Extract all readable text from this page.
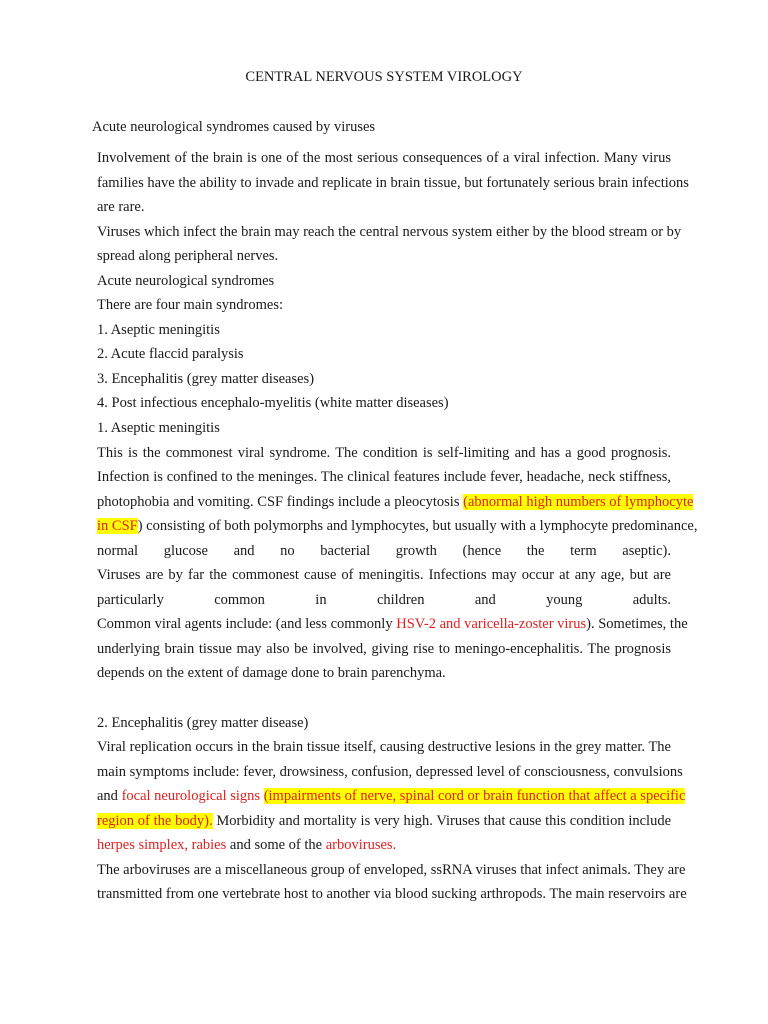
CENTRAL NERVOUS SYSTEM VIROLOGY

Acute neurological syndromes caused by viruses

Involvement of the brain is one of the most serious consequences of a viral infection. Many virus
families have the ability to invade and replicate in brain tissue, but fortunately serious brain infections
are rare.
Viruses which infect the brain may reach the central nervous system either by the blood stream or by
spread along peripheral nerves.
Acute neurological syndromes
There are four main syndromes:
1. Aseptic meningitis
2. Acute flaccid paralysis
3. Encephalitis (grey matter diseases)
4. Post infectious encephalo-myelitis (white matter diseases)
1. Aseptic meningitis
This is the commonest viral syndrome. The condition is self-limiting and has a good prognosis.
Infection is confined to the meninges. The clinical features include fever, headache, neck stiffness,
photophobia and vomiting. CSF findings include a pleocytosis (abnormal high numbers of lymphocyte
in CSF) consisting of both polymorphs and lymphocytes, but usually with a lymphocyte predominance,
normal glucose and no bacterial growth (hence the term aseptic).
Viruses are by far the commonest cause of meningitis. Infections may occur at any age, but are
particularly common in children and young adults.
Common viral agents include: (and less commonly HSV-2 and varicella-zoster virus). Sometimes, the
underlying brain tissue may also be involved, giving rise to meningo-encephalitis. The prognosis
depends on the extent of damage done to brain parenchyma.
2. Encephalitis (grey matter disease)
Viral replication occurs in the brain tissue itself, causing destructive lesions in the grey matter. The
main symptoms include: fever, drowsiness, confusion, depressed level of consciousness, convulsions
and focal neurological signs (impairments of nerve, spinal cord or brain function that affect a specific
region of the body). Morbidity and mortality is very high. Viruses that cause this condition include
herpes simplex, rabies and some of the arboviruses.
The arboviruses are a miscellaneous group of enveloped, ssRNA viruses that infect animals. They are
transmitted from one vertebrate host to another via blood sucking arthropods. The main reservoirs are
